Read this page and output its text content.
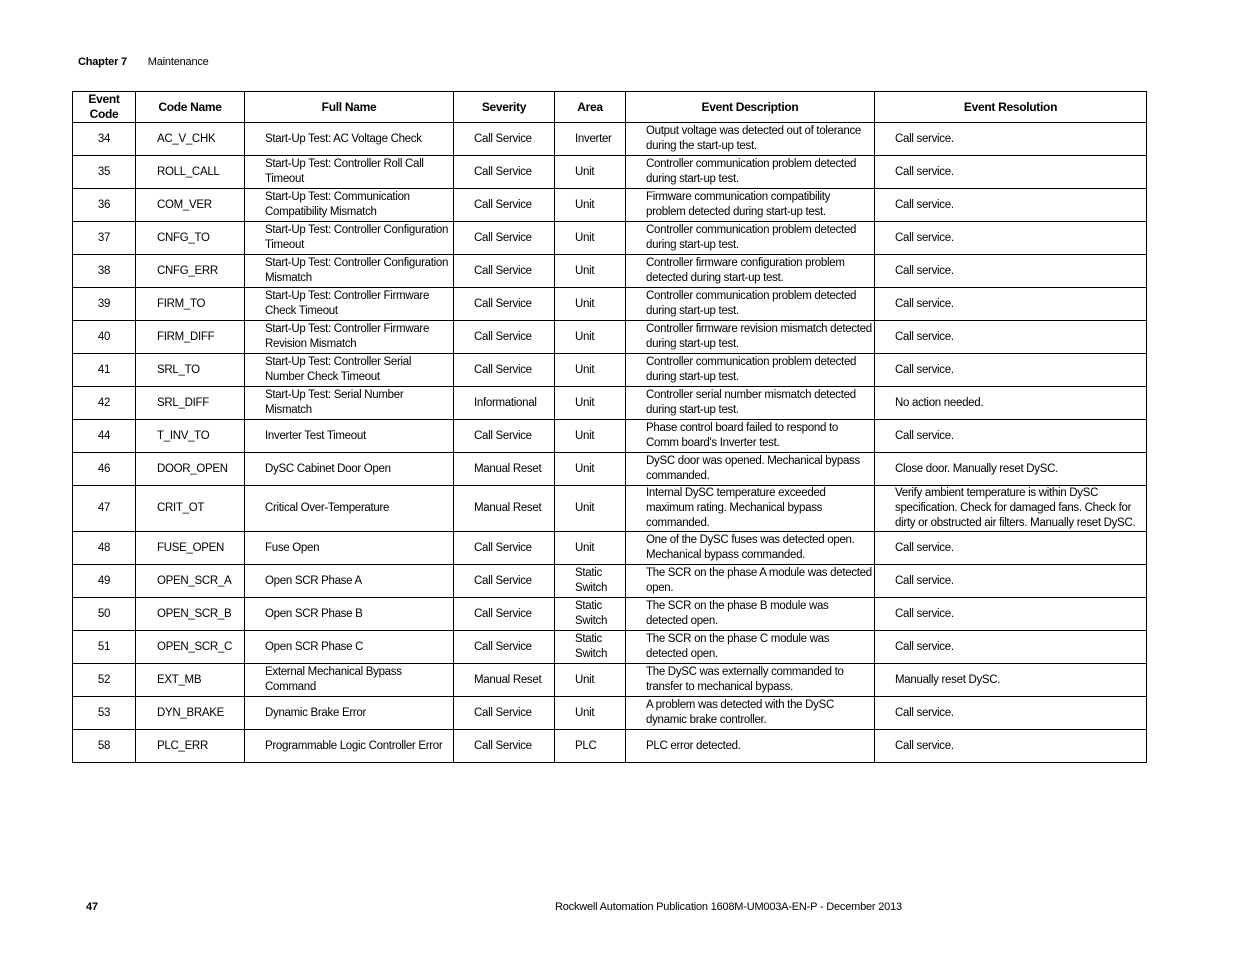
Chapter 7 Maintenance
Event Code	Code Name	Full Name	Severity	Area	Event Description	Event Resolution
34	AC_V_CHK	Start-Up Test: AC Voltage Check	Call Service	Inverter	Output voltage was detected out of tolerance during the start-up test.	Call service.
35	ROLL_CALL	Start-Up Test: Controller Roll Call Timeout	Call Service	Unit	Controller communication problem detected during start-up test.	Call service.
36	COM_VER	Start-Up Test: Communication Compatibility Mismatch	Call Service	Unit	Firmware communication compatibility problem detected during start-up test.	Call service.
37	CNFG_TO	Start-Up Test: Controller Configuration Timeout	Call Service	Unit	Controller communication problem detected during start-up test.	Call service.
38	CNFG_ERR	Start-Up Test: Controller Configuration Mismatch	Call Service	Unit	Controller firmware configuration problem detected during start-up test.	Call service.
39	FIRM_TO	Start-Up Test: Controller Firmware Check Timeout	Call Service	Unit	Controller communication problem detected during start-up test.	Call service.
40	FIRM_DIFF	Start-Up Test: Controller Firmware Revision Mismatch	Call Service	Unit	Controller firmware revision mismatch detected during start-up test.	Call service.
41	SRL_TO	Start-Up Test: Controller Serial Number Check Timeout	Call Service	Unit	Controller communication problem detected during start-up test.	Call service.
42	SRL_DIFF	Start-Up Test: Serial Number Mismatch	Informational	Unit	Controller serial number mismatch detected during start-up test.	No action needed.
44	T_INV_TO	Inverter Test Timeout	Call Service	Unit	Phase control board failed to respond to Comm board's Inverter test.	Call service.
46	DOOR_OPEN	DySC Cabinet Door Open	Manual Reset	Unit	DySC door was opened. Mechanical bypass commanded.	Close door. Manually reset DySC.
47	CRIT_OT	Critical Over-Temperature	Manual Reset	Unit	Internal DySC temperature exceeded maximum rating. Mechanical bypass commanded.	Verify ambient temperature is within DySC specification. Check for damaged fans. Check for dirty or obstructed air filters. Manually reset DySC.
48	FUSE_OPEN	Fuse Open	Call Service	Unit	One of the DySC fuses was detected open. Mechanical bypass commanded.	Call service.
49	OPEN_SCR_A	Open SCR Phase A	Call Service	Static Switch	The SCR on the phase A module was detected open.	Call service.
50	OPEN_SCR_B	Open SCR Phase B	Call Service	Static Switch	The SCR on the phase B module was detected open.	Call service.
51	OPEN_SCR_C	Open SCR Phase C	Call Service	Static Switch	The SCR on the phase C module was detected open.	Call service.
52	EXT_MB	External Mechanical Bypass Command	Manual Reset	Unit	The DySC was externally commanded to transfer to mechanical bypass.	Manually reset DySC.
53	DYN_BRAKE	Dynamic Brake Error	Call Service	Unit	A problem was detected with the DySC dynamic brake controller.	Call service.
58	PLC_ERR	Programmable Logic Controller Error	Call Service	PLC	PLC error detected.	Call service.
47	Rockwell Automation Publication 1608M-UM003A-EN-P - December 2013
